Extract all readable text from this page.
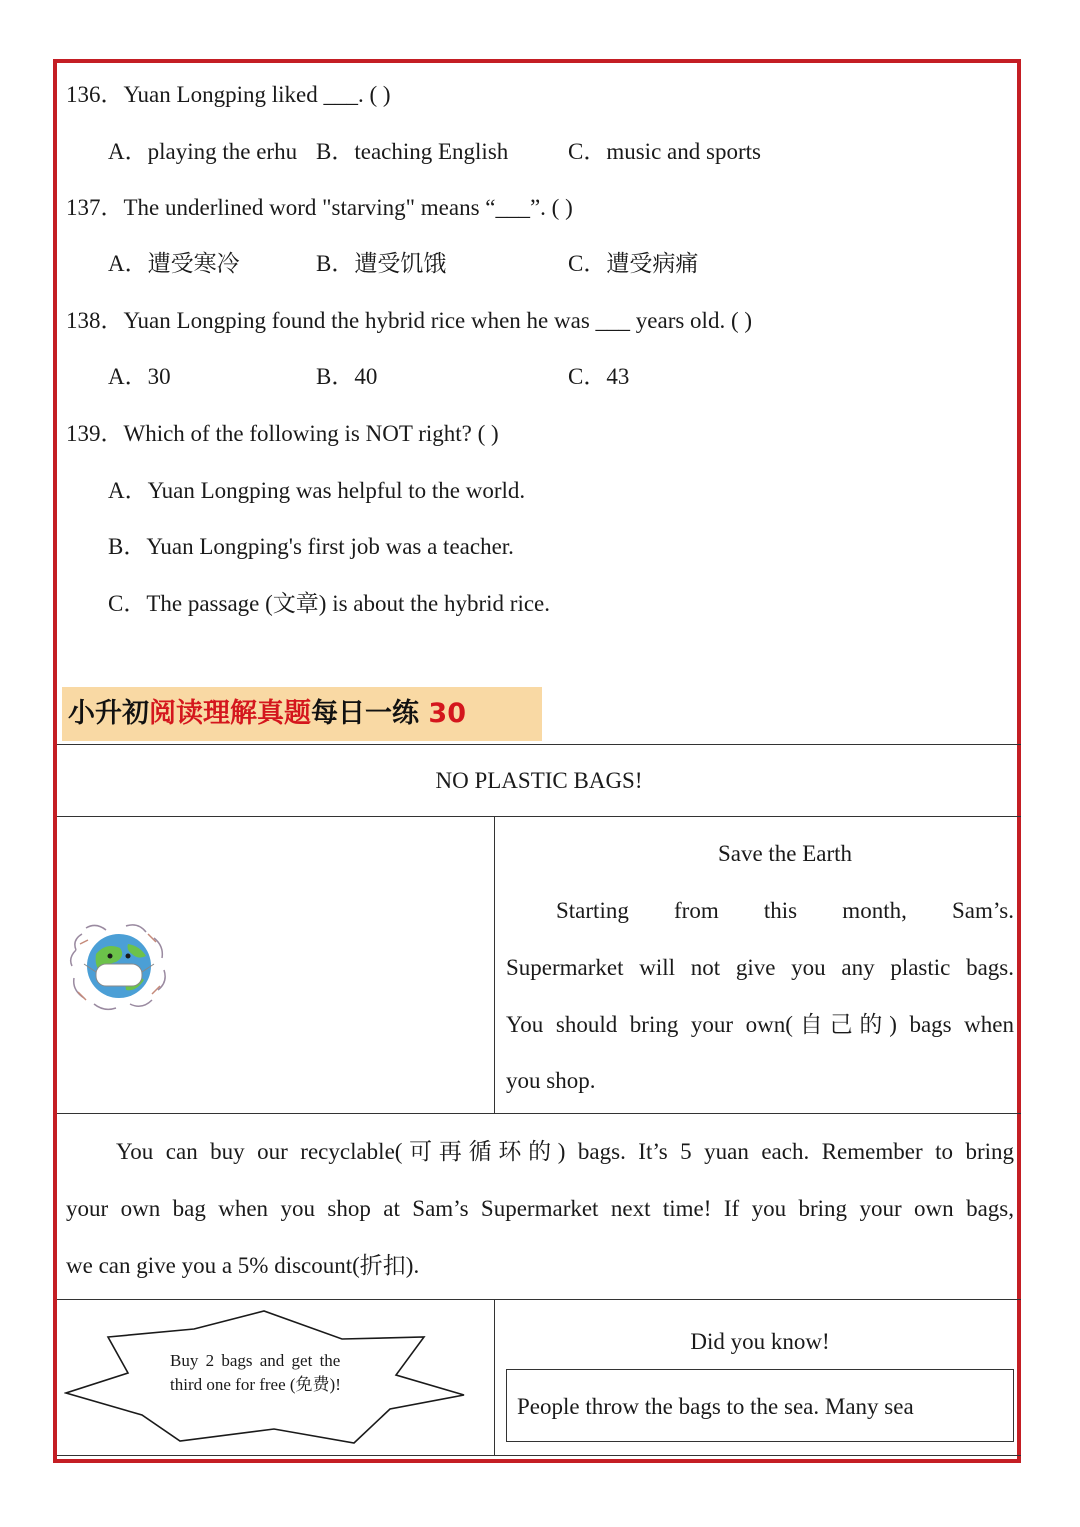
136．Yuan Longping liked ___. ( )
A．playing the erhu B．teaching English	C．music and sports
137．The underlined word "starving" means “___”. ( )
A．遭受寒冷	B．遭受饥饿	C．遭受病痛
138．Yuan Longping found the hybrid rice when he was ___ years old. ( )
A．30	B．40	C．43
139．Which of the following is NOT right? ( )
A．Yuan Longping was helpful to the world.
B．Yuan Longping's first job was a teacher.
C．The passage (文章) is about the hybrid rice.
小升初阅读理解真题每日一练 30
NO PLASTIC BAGS!
Save the Earth
Starting from this month, Sam’s.
Supermarket will not give you any plastic bags.
You should bring your own(自己的) bags when
you shop.
You can buy our recyclable(可再循环的) bags. It’s 5 yuan each. Remember to bring
your own bag when you shop at Sam’s Supermarket next time! If you bring your own bags,
we can give you a 5% discount(折扣).
Buy 2 bags and get the
third one for free (免费)!
Did you know!
People throw the bags to the sea. Many sea
